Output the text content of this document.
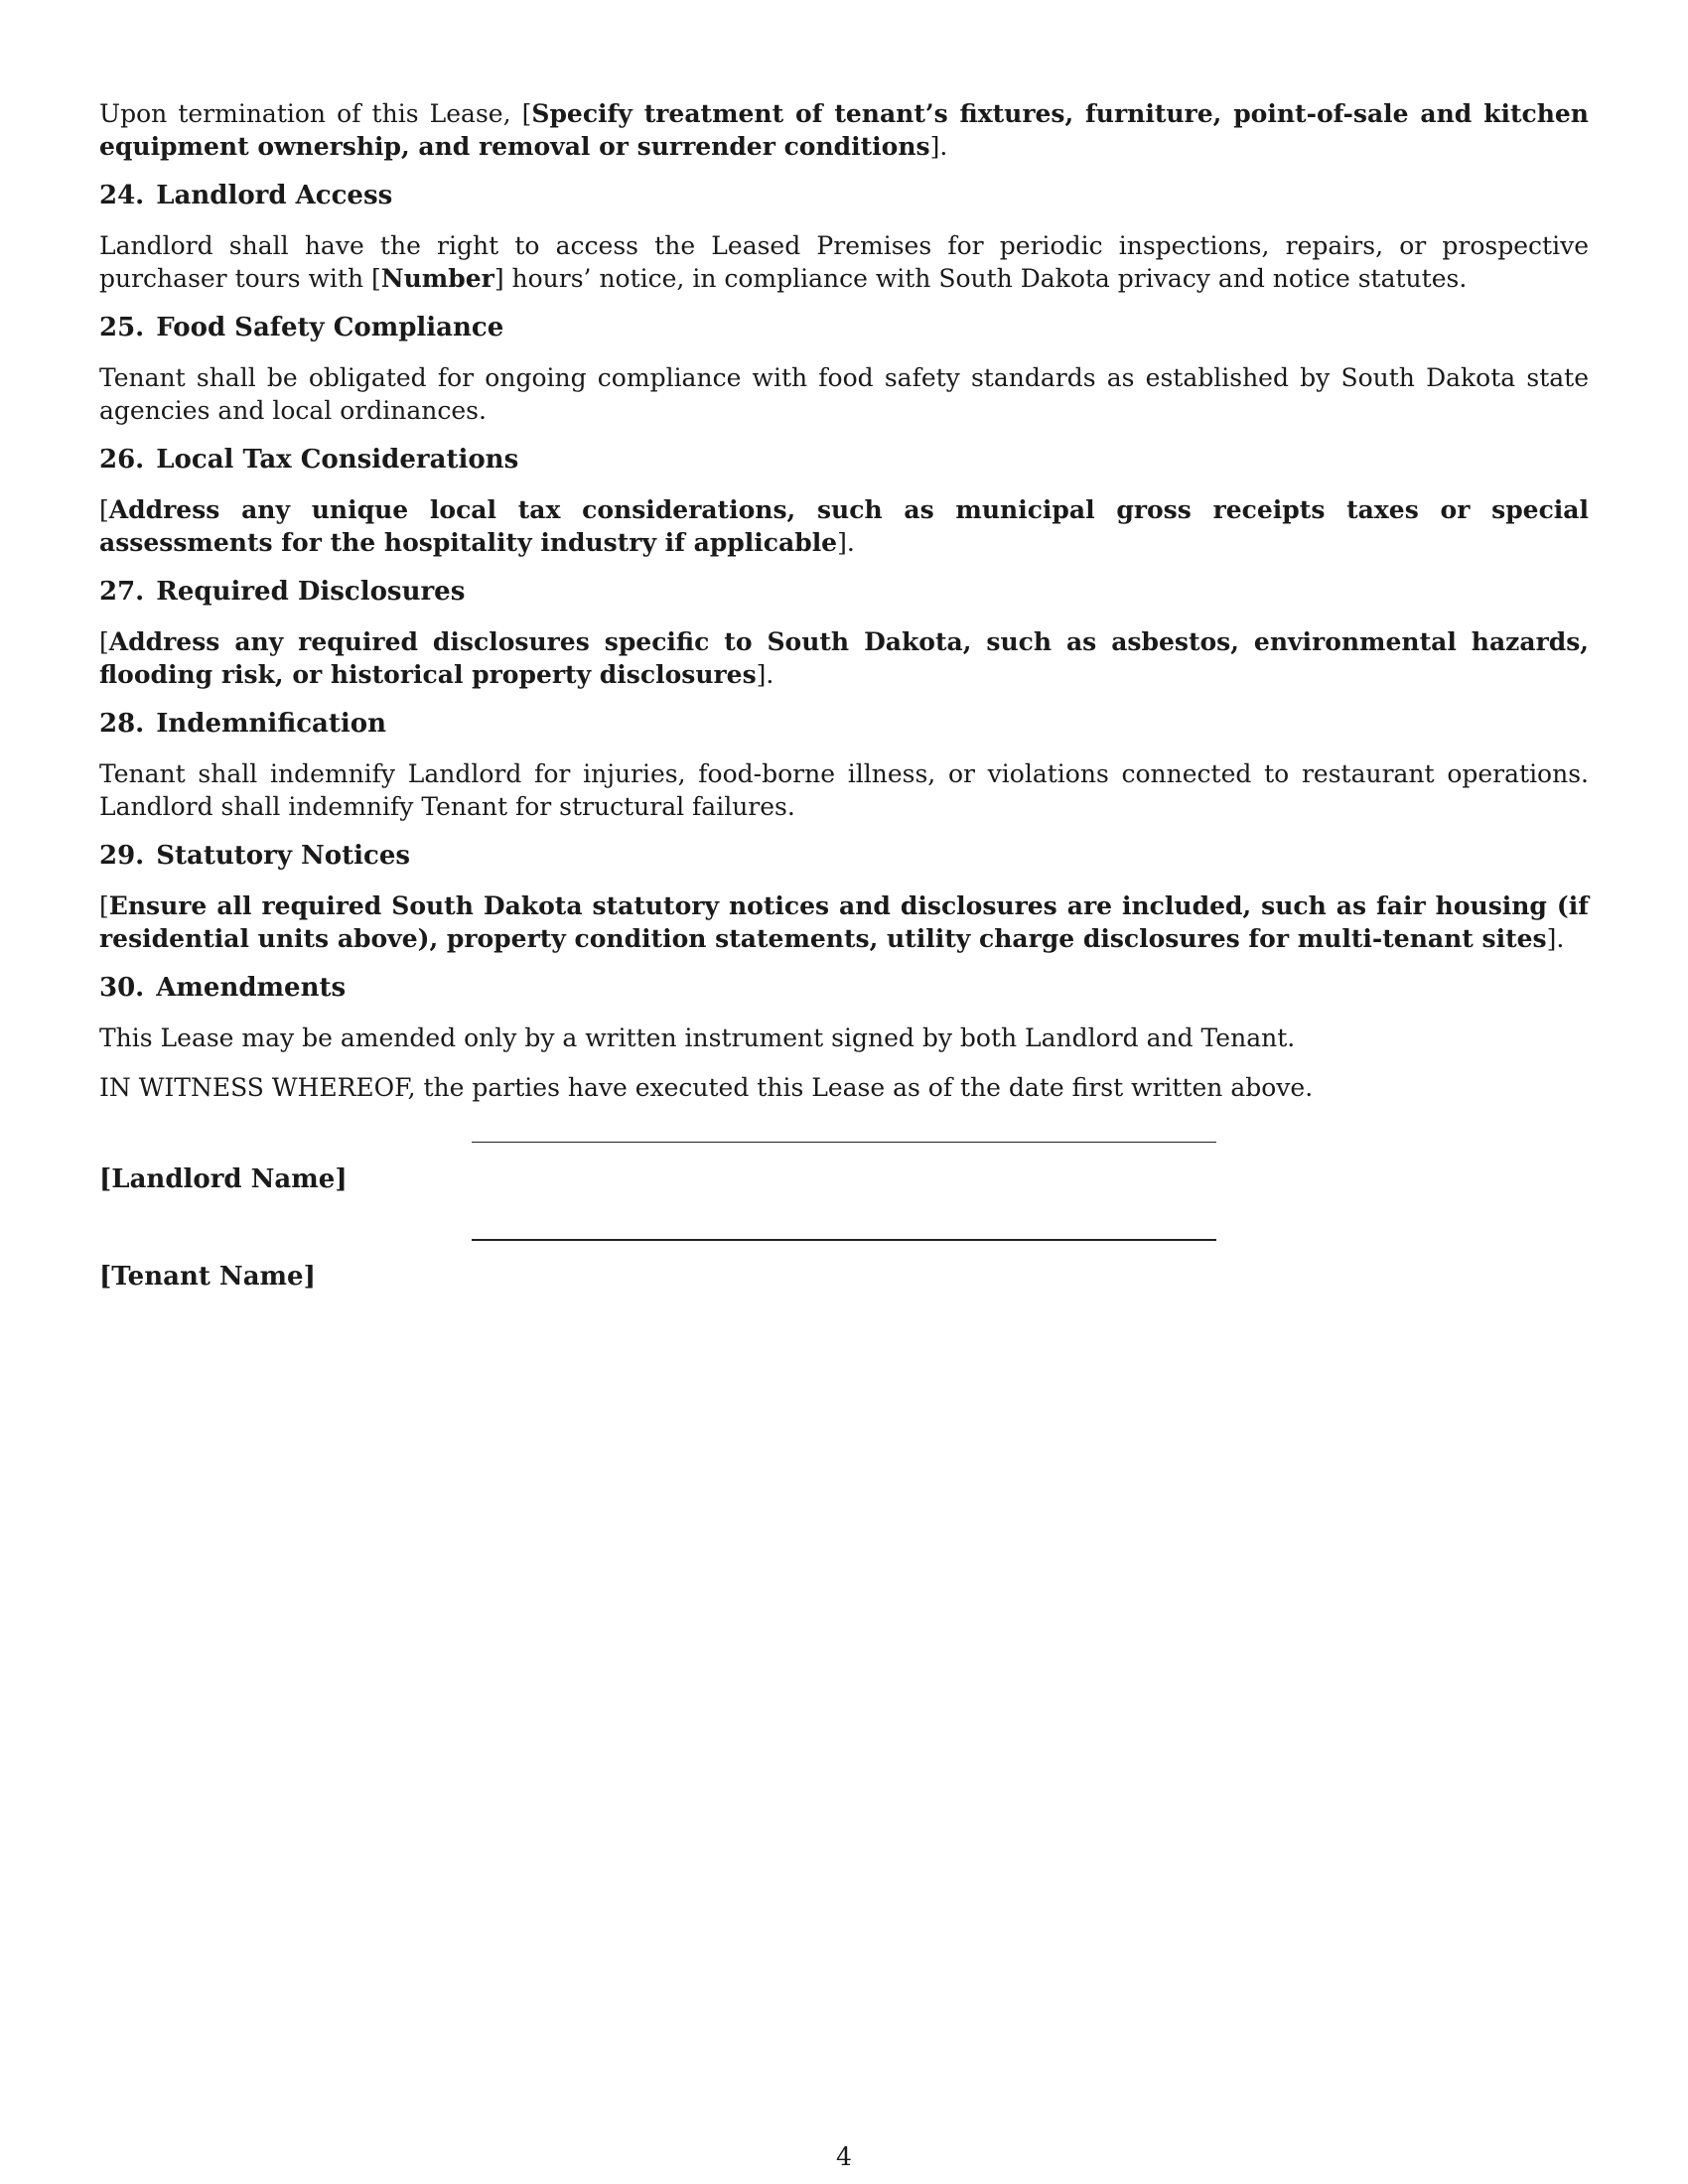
Upon termination of this Lease, [Specify treatment of tenant’s fixtures, furniture, point-of-sale and kitchen equipment ownership, and removal or surrender conditions].

24. Landlord Access

Landlord shall have the right to access the Leased Premises for periodic inspections, repairs, or prospective purchaser tours with [Number] hours’ notice, in compliance with South Dakota privacy and notice statutes.

25. Food Safety Compliance

Tenant shall be obligated for ongoing compliance with food safety standards as established by South Dakota state agencies and local ordinances.

26. Local Tax Considerations

[Address any unique local tax considerations, such as municipal gross receipts taxes or special assessments for the hospitality industry if applicable].

27. Required Disclosures

[Address any required disclosures specific to South Dakota, such as asbestos, environmental hazards, flooding risk, or historical property disclosures].

28. Indemnification

Tenant shall indemnify Landlord for injuries, food-borne illness, or violations connected to restaurant operations. Landlord shall indemnify Tenant for structural failures.

29. Statutory Notices

[Ensure all required South Dakota statutory notices and disclosures are included, such as fair housing (if residential units above), property condition statements, utility charge disclosures for multi-tenant sites].

30. Amendments

This Lease may be amended only by a written instrument signed by both Landlord and Tenant.

IN WITNESS WHEREOF, the parties have executed this Lease as of the date first written above.

[Landlord Name]
[Tenant Name]
4
